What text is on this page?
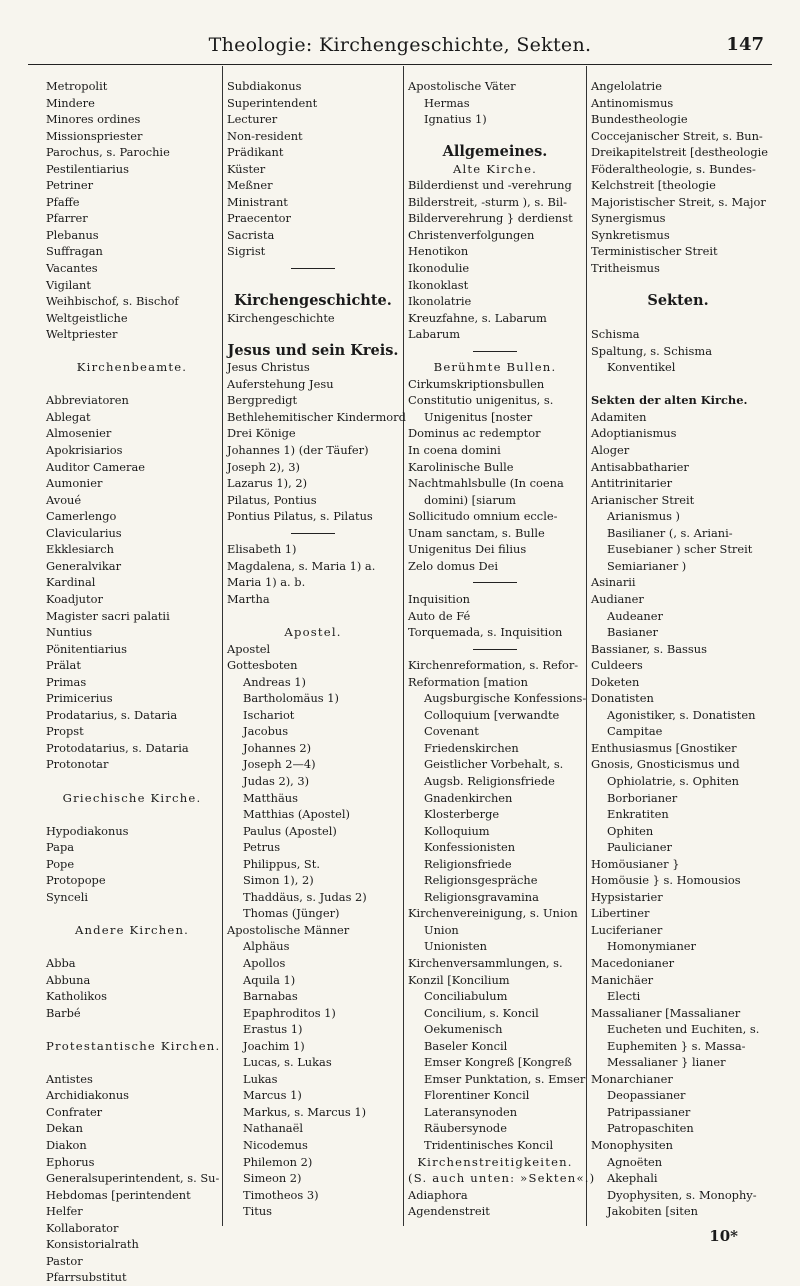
Theologie: Kirchengeschichte, Sekten.	147
Metropolit
Mindere
Minores ordines
Missionspriester
Parochus, s. Parochie
Pestilentiarius
Petriner
Pfaffe
Pfarrer
Plebanus
Suffragan
Vacantes
Vigilant
Weihbischof, s. Bischof
Weltgeistliche
Weltpriester
Kirchenbeamte.
Abbreviatoren
Ablegat
Almosenier
Apokrisiarios
Auditor Camerae
Aumonier
Avoué
Camerlengo
Clavicularius
Ekklesiarch
Generalvikar
Kardinal
Koadjutor
Magister sacri palatii
Nuntius
Pönitentiarius
Prälat
Primas
Primicerius
Prodatarius, s. Dataria
Propst
Protodatarius, s. Dataria
Protonotar
Griechische Kirche.
Hypodiakonus
Papa
Pope
Protopope
Synceli
Andere Kirchen.
Abba
Abbuna
Katholikos
Barbé
Protestantische Kirchen.
Antistes
Archidiakonus
Confrater
Dekan
Diakon
Ephorus
Generalsuperintendent, s. Su-
Hebdomas [perintendent
Helfer
Kollaborator
Konsistorialrath
Pastor
Pfarrsubstitut
Subdiakonus
Superintendent
Lecturer
Non-resident
Prädikant
Küster
Meßner
Ministrant
Praecentor
Sacrista
Sigrist
Kirchengeschichte.
Kirchengeschichte
Jesus und sein Kreis.
Jesus Christus
Auferstehung Jesu
Bergpredigt
Bethlehemitischer Kindermord
Drei Könige
Johannes 1) (der Täufer)
Joseph 2), 3)
Lazarus 1), 2)
Pilatus, Pontius
Pontius Pilatus, s. Pilatus
Elisabeth 1)
Magdalena, s. Maria 1) a.
Maria 1) a. b.
Martha
Apostel.
Apostel
Gottesboten
Andreas 1)
Bartholomäus 1)
Ischariot
Jacobus
Johannes 2)
Joseph 2—4)
Judas 2), 3)
Matthäus
Matthias (Apostel)
Paulus (Apostel)
Petrus
Philippus, St.
Simon 1), 2)
Thaddäus, s. Judas 2)
Thomas (Jünger)
Apostolische Männer
Alphäus
Apollos
Aquila 1)
Barnabas
Epaphroditos 1)
Erastus 1)
Joachim 1)
Lucas, s. Lukas
Lukas
Marcus 1)
Markus, s. Marcus 1)
Nathanaël
Nicodemus
Philemon 2)
Simeon 2)
Timotheos 3)
Titus
Apostolische Väter
Hermas
Ignatius 1)
Allgemeines.
Alte Kirche.
Bilderdienst und -verehrung
Bilderstreit, -sturm ), s. Bil-
Bilderverehrung } derdienst
Christenverfolgungen
Henotikon
Ikonodulie
Ikonoklast
Ikonolatrie
Kreuzfahne, s. Labarum
Labarum
Berühmte Bullen.
Cirkumskriptionsbullen
Constitutio unigenitus, s.
Unigenitus [noster
Dominus ac redemptor
In coena domini
Karolinische Bulle
Nachtmahlsbulle (In coena
domini) [siarum
Sollicitudo omnium eccle-
Unam sanctam, s. Bulle
Unigenitus Dei filius
Zelo domus Dei
Inquisition
Auto de Fé
Torquemada, s. Inquisition
Kirchenreformation, s. Refor-
Reformation [mation
Augsburgische Konfessions-
Colloquium [verwandte
Covenant
Friedenskirchen
Geistlicher Vorbehalt, s.
Augsb. Religionsfriede
Gnadenkirchen
Klosterberge
Kolloquium
Konfessionisten
Religionsfriede
Religionsgespräche
Religionsgravamina
Kirchenvereinigung, s. Union
Union
Unionisten
Kirchenversammlungen, s.
Konzil [Koncilium
Conciliabulum
Concilium, s. Koncil
Oekumenisch
Baseler Koncil
Emser Kongreß [Kongreß
Emser Punktation, s. Emser
Florentiner Koncil
Lateransynoden
Räubersynode
Tridentinisches Koncil
Kirchenstreitigkeiten.
(S. auch unten: »Sekten«.)
Adiaphora
Agendenstreit
Angelolatrie
Antinomismus
Bundestheologie
Coccejanischer Streit, s. Bun-
Dreikapitelstreit [destheologie
Föderaltheologie, s. Bundes-
Kelchstreit [theologie
Majoristischer Streit, s. Major
Synergismus
Synkretismus
Terministischer Streit
Tritheismus
Sekten.
Schisma
Spaltung, s. Schisma
Konventikel
Sekten der alten Kirche.
Adamiten
Adoptianismus
Aloger
Antisabbatharier
Antitrinitarier
Arianischer Streit
Arianismus )
Basilianer (, s. Ariani-
Eusebianer ) scher Streit
Semiarianer )
Asinarii
Audianer
Audeaner
Basianer
Bassianer, s. Bassus
Culdeers
Doketen
Donatisten
Agonistiker, s. Donatisten
Campitae
Enthusiasmus [Gnostiker
Gnosis, Gnosticismus und
Ophiolatrie, s. Ophiten
Borborianer
Enkratiten
Ophiten
Paulicianer
Homöusianer }
Homöusie } s. Homousios
Hypsistarier
Libertiner
Luciferianer
Homonymianer
Macedonianer
Manichäer
Electi
Massalianer [Massalianer
Eucheten und Euchiten, s.
Euphemiten } s. Massa-
Messalianer } lianer
Monarchianer
Deopassianer
Patripassianer
Patropaschiten
Monophysiten
Agnoëten
Akephali
Dyophysiten, s. Monophy-
Jakobiten [siten
10*
